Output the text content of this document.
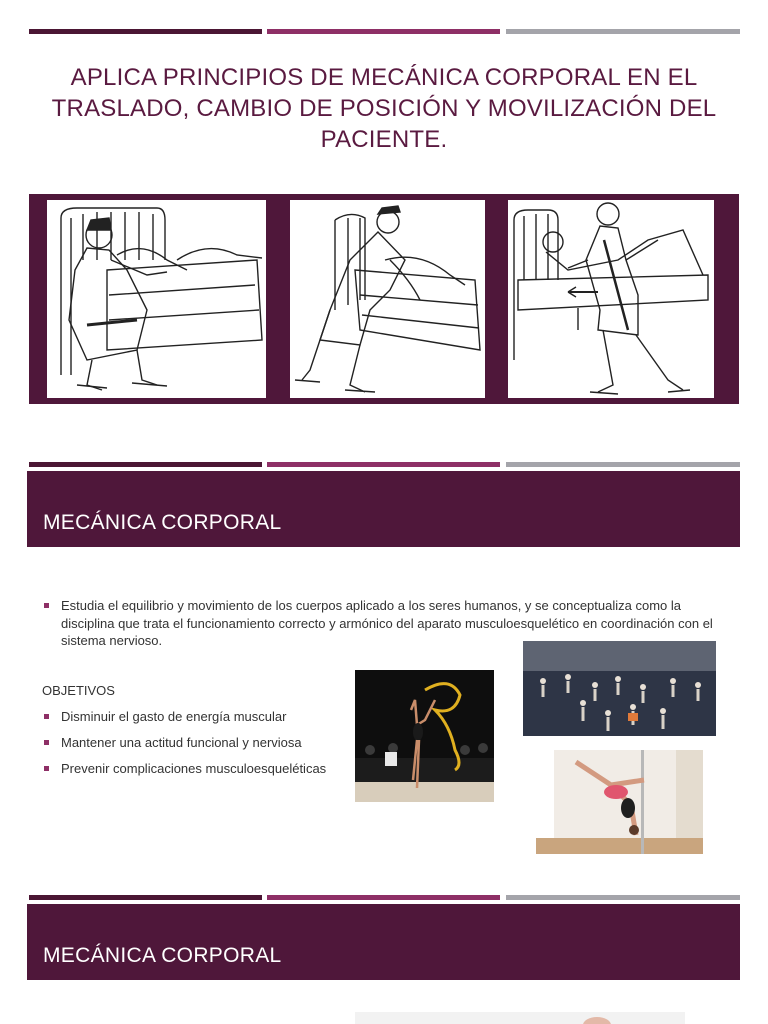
APLICA PRINCIPIOS DE MECÁNICA CORPORAL EN EL TRASLADO, CAMBIO DE POSICIÓN Y MOVILIZACIÓN DEL PACIENTE.
MECÁNICA CORPORAL
Estudia el equilibrio y movimiento de los cuerpos aplicado a los seres humanos, y se conceptualiza como la disciplina que trata el funcionamiento correcto y armónico del aparato musculoesquelético en coordinación con el sistema nervioso.
OBJETIVOS
Disminuir el gasto de energía muscular
Mantener una actitud funcional y nerviosa
Prevenir complicaciones musculoesqueléticas
MECÁNICA CORPORAL
